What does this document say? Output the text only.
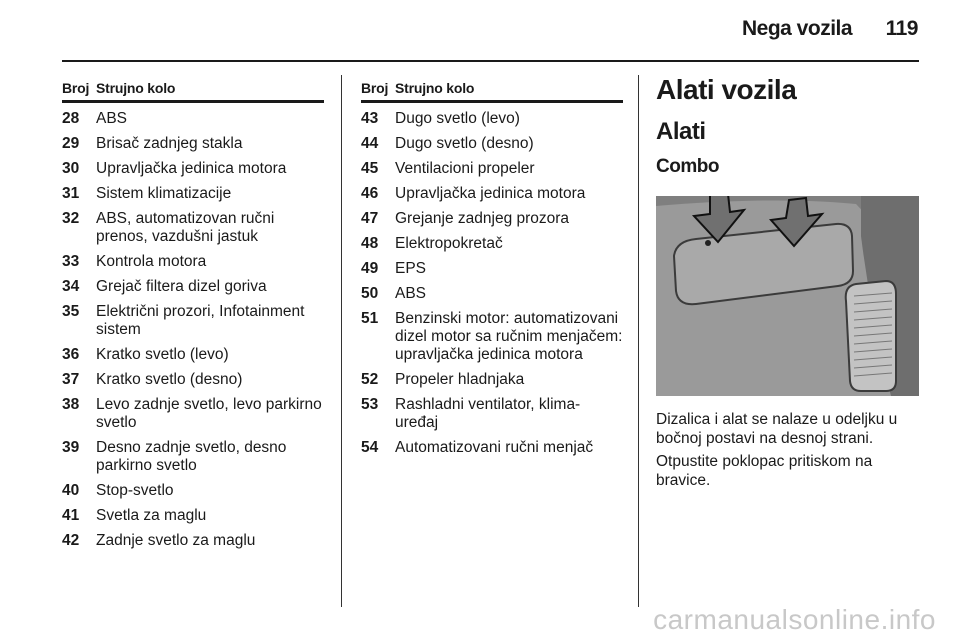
Nega vozila 119
Broj Strujno kolo
28	ABS
29	Brisač zadnjeg stakla
30	Upravljačka jedinica motora
31	Sistem klimatizacije
32	ABS, automatizovan ručni prenos, vazdušni jastuk
33	Kontrola motora
34	Grejač filtera dizel goriva
35	Električni prozori, Infotainment sistem
36	Kratko svetlo (levo)
37	Kratko svetlo (desno)
38	Levo zadnje svetlo, levo parkirno svetlo
39	Desno zadnje svetlo, desno parkirno svetlo
40	Stop-svetlo
41	Svetla za maglu
42	Zadnje svetlo za maglu
Broj Strujno kolo
43	Dugo svetlo (levo)
44	Dugo svetlo (desno)
45	Ventilacioni propeler
46	Upravljačka jedinica motora
47	Grejanje zadnjeg prozora
48	Elektropokretač
49	EPS
50	ABS
51	Benzinski motor: automatizovani dizel motor sa ručnim menjačem: upravljačka jedinica motora
52	Propeler hladnjaka
53	Rashladni ventilator, klima-uređaj
54	Automatizovani ručni menjač
Alati vozila
Alati
Combo
Dizalica i alat se nalaze u odeljku u bočnoj postavi na desnoj strani.
Otpustite poklopac pritiskom na bravice.
carmanualsonline.info
